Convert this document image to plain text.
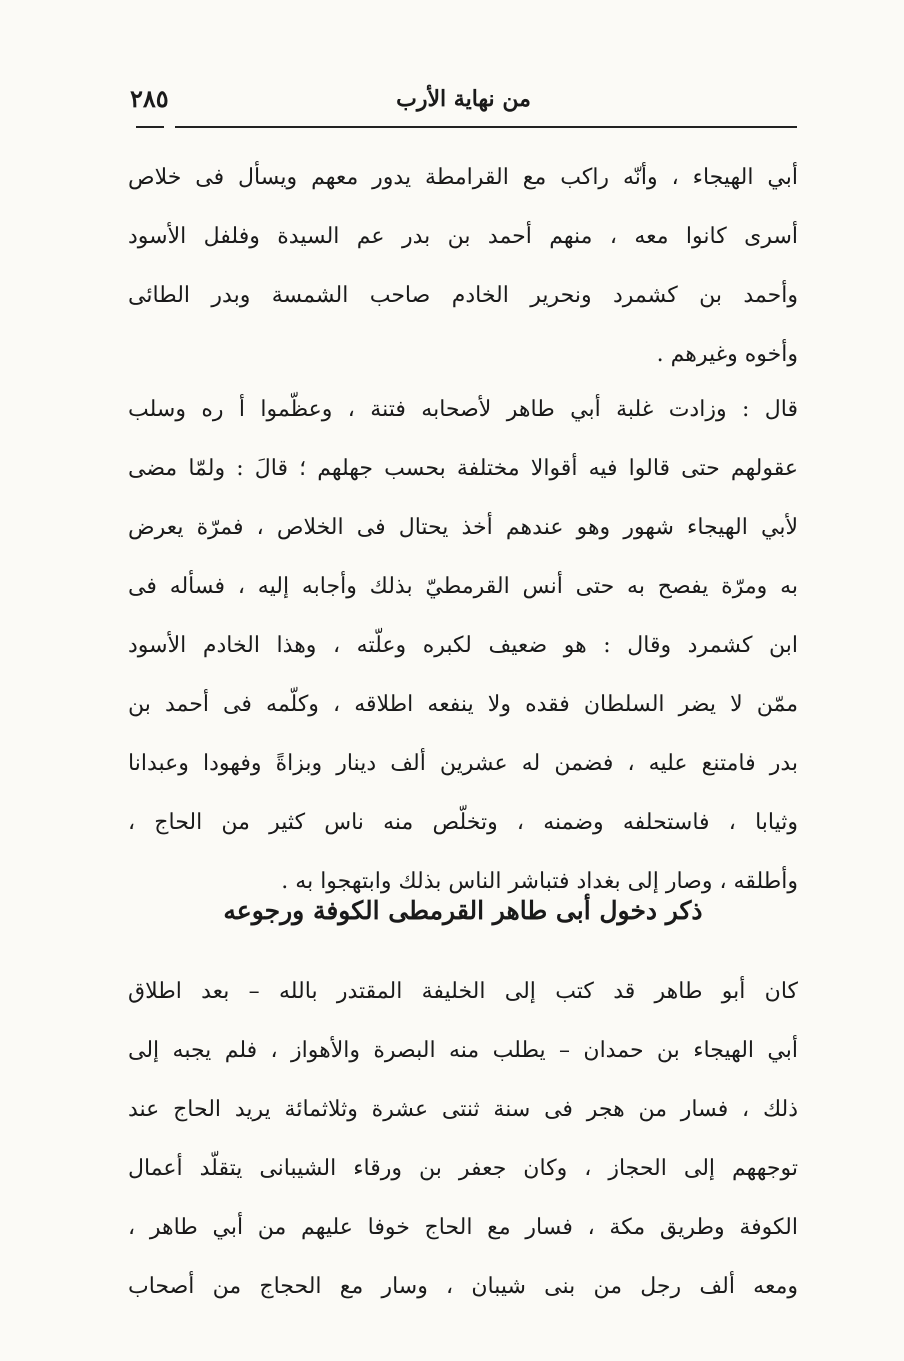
٢٨٥	من نهاية الأرب
أبي الهيجاء ، وأنّه راكب مع القرامطة يدور معهم ويسأل فى خلاص
أسرى كانوا معه ، منهم أحمد بن بدر عم السيدة وفلفل الأسود
وأحمد بن كشمرد ونحرير الخادم صاحب الشمسة وبدر الطائى
وأخوه وغيرهم .
قال : وزادت غلبة أبي طاهر لأصحابه فتنة ، وعظّموا أ ره وسلب
عقولهم حتى قالوا فيه أقوالا مختلفة بحسب جهلهم ؛ قالَ : ولمّا مضى
لأبي الهيجاء شهور وهو عندهم أخذ يحتال فى الخلاص ، فمرّة يعرض
به ومرّة يفصح به حتى أنس القرمطيّ بذلك وأجابه إليه ، فسأله فى
ابن كشمرد وقال : هو ضعيف لكبره وعلّته ، وهذا الخادم الأسود
ممّن لا يضر السلطان فقده ولا ينفعه اطلاقه ، وكلّمه فى أحمد بن
بدر فامتنع عليه ، فضمن له عشرين ألف دينار وبزاةً وفهودا وعبدانا
وثيابا ، فاستحلفه وضمنه ، وتخلّص منه ناس كثير من الحاج ،
وأطلقه ، وصار إلى بغداد فتباشر الناس بذلك وابتهجوا به .
ذكر دخول أبى طاهر القرمطى الكوفة ورجوعه
كان أبو طاهر قد كتب إلى الخليفة المقتدر بالله – بعد اطلاق
أبي الهيجاء بن حمدان – يطلب منه البصرة والأهواز ، فلم يجبه إلى
ذلك ، فسار من هجر فى سنة ثنتى عشرة وثلاثمائة يريد الحاج عند
توجههم إلى الحجاز ، وكان جعفر بن ورقاء الشيبانى يتقلّد أعمال
الكوفة وطريق مكة ، فسار مع الحاج خوفا عليهم من أبي طاهر ،
ومعه ألف رجل من بنى شيبان ، وسار مع الحجاج من أصحاب
